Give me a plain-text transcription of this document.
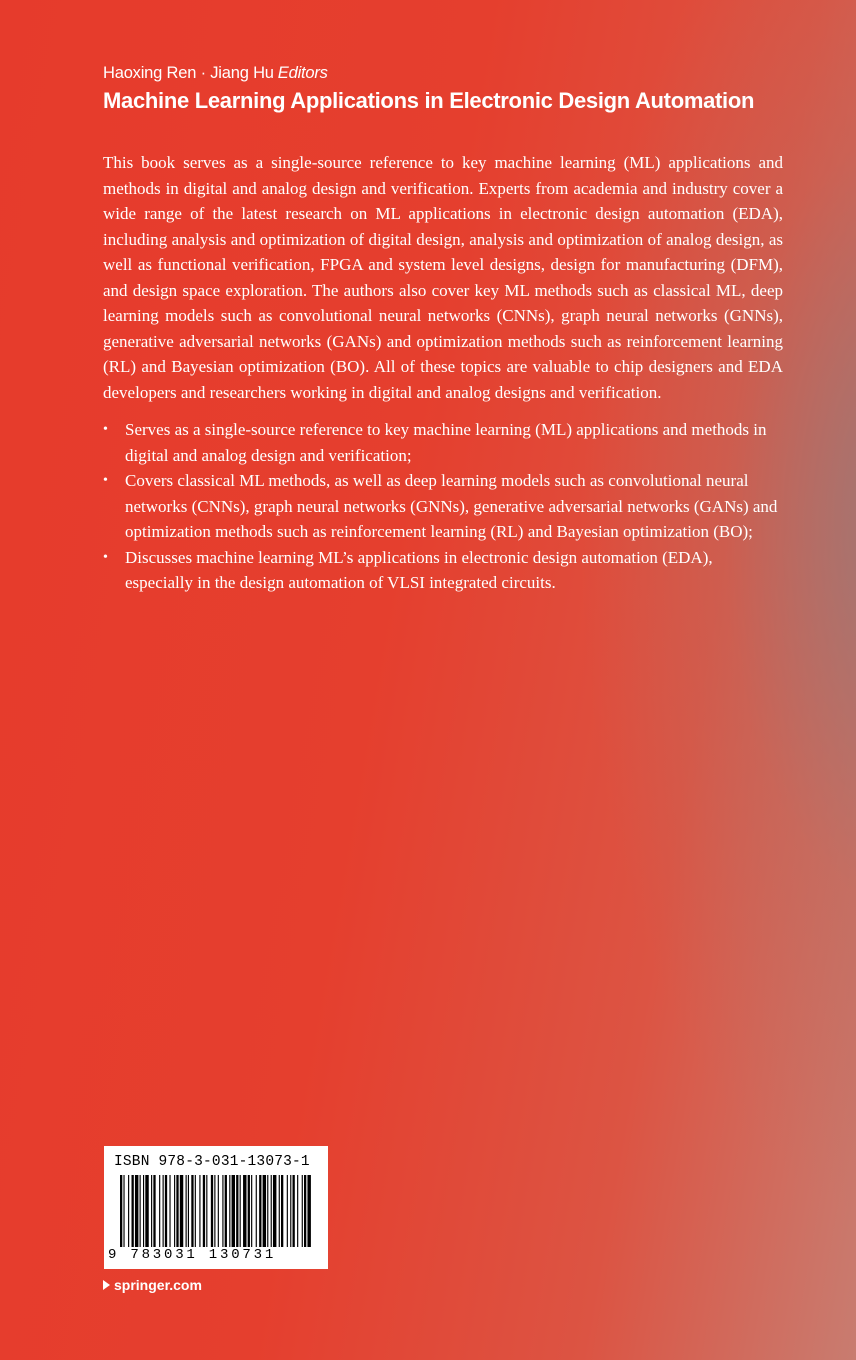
Haoxing Ren · Jiang Hu Editors

Machine Learning Applications in Electronic Design Automation

This book serves as a single-source reference to key machine learning (ML) applications and methods in digital and analog design and verification. Experts from academia and industry cover a wide range of the latest research on ML applications in electronic design automation (EDA), including analysis and optimization of digital design, analysis and optimization of analog design, as well as functional verification, FPGA and system level designs, design for manufacturing (DFM), and design space exploration. The authors also cover key ML methods such as classical ML, deep learning models such as convolutional neural networks (CNNs), graph neural networks (GNNs), generative adversarial networks (GANs) and optimization methods such as reinforcement learning (RL) and Bayesian optimization (BO). All of these topics are valuable to chip designers and EDA developers and researchers working in digital and analog designs and verification.

• Serves as a single-source reference to key machine learning (ML) applications and methods in digital and analog design and verification;
• Covers classical ML methods, as well as deep learning models such as convolutional neural networks (CNNs), graph neural networks (GNNs), generative adversarial networks (GANs) and optimization methods such as reinforcement learning (RL) and Bayesian optimization (BO);
• Discusses machine learning ML’s applications in electronic design automation (EDA), especially in the design automation of VLSI integrated circuits.
ISBN 978-3-031-13073-1
9 783031 130731
springer.com
